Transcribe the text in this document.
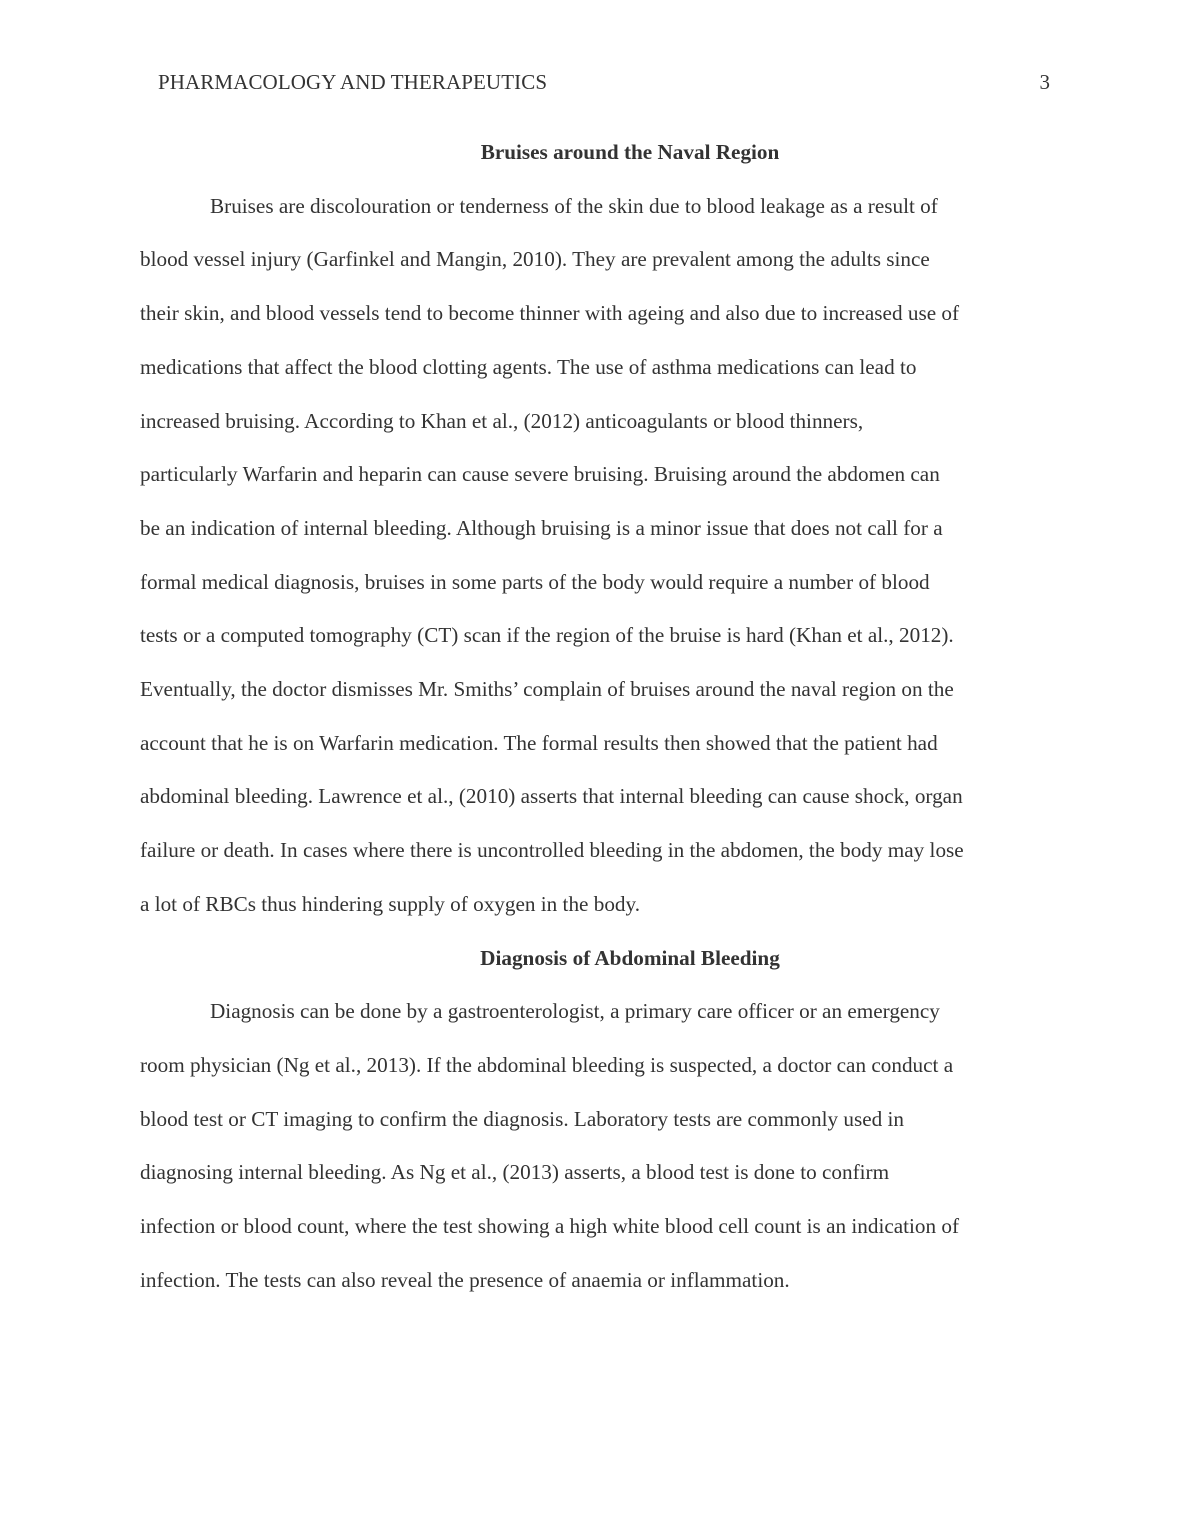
PHARMACOLOGY AND THERAPEUTICS	3
Bruises around the Naval Region
Bruises are discolouration or tenderness of the skin due to blood leakage as a result of
blood vessel injury (Garfinkel and Mangin, 2010). They are prevalent among the adults since
their skin, and blood vessels tend to become thinner with ageing and also due to increased use of
medications that affect the blood clotting agents. The use of asthma medications can lead to
increased bruising. According to Khan et al., (2012) anticoagulants or blood thinners,
particularly Warfarin and heparin can cause severe bruising. Bruising around the abdomen can
be an indication of internal bleeding. Although bruising is a minor issue that does not call for a
formal medical diagnosis, bruises in some parts of the body would require a number of blood
tests or a computed tomography (CT) scan if the region of the bruise is hard (Khan et al., 2012).
Eventually, the doctor dismisses Mr. Smiths’ complain of bruises around the naval region on the
account that he is on Warfarin medication. The formal results then showed that the patient had
abdominal bleeding. Lawrence et al., (2010) asserts that internal bleeding can cause shock, organ
failure or death. In cases where there is uncontrolled bleeding in the abdomen, the body may lose
a lot of RBCs thus hindering supply of oxygen in the body.
Diagnosis of Abdominal Bleeding
Diagnosis can be done by a gastroenterologist, a primary care officer or an emergency
room physician (Ng et al., 2013). If the abdominal bleeding is suspected, a doctor can conduct a
blood test or CT imaging to confirm the diagnosis. Laboratory tests are commonly used in
diagnosing internal bleeding. As Ng et al., (2013) asserts, a blood test is done to confirm
infection or blood count, where the test showing a high white blood cell count is an indication of
infection. The tests can also reveal the presence of anaemia or inflammation.
